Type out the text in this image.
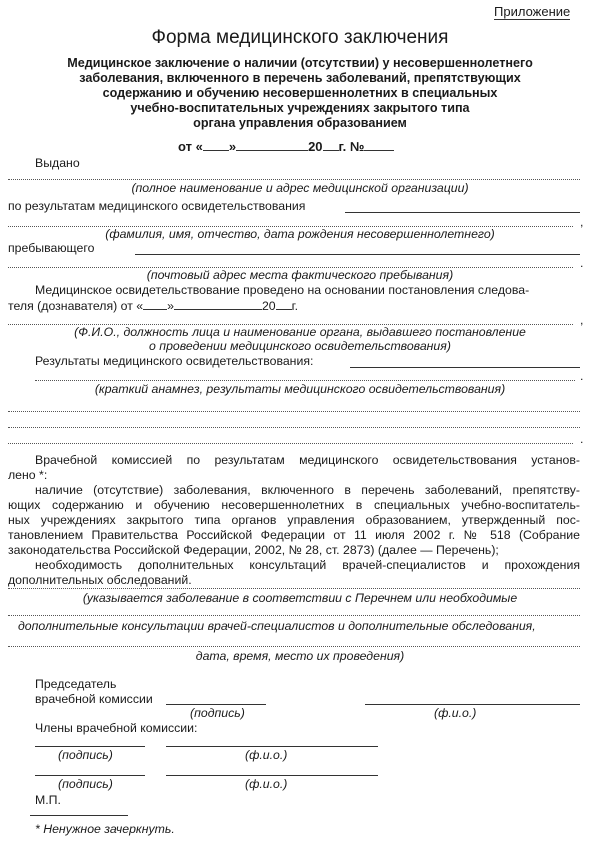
Приложение
Форма медицинского заключения
Медицинское заключение о наличии (отсутствии) у несовершеннолетнего
заболевания, включенного в перечень заболеваний, препятствующих
содержанию и обучению несовершеннолетних в специальных
учебно-воспитательных учреждениях закрытого типа
органа управления образованием
от « »	20 г. №
Выдано
(полное наименование и адрес медицинской организации)
по результатам медицинского освидетельствования
,
(фамилия, имя, отчество, дата рождения несовершеннолетнего)
пребывающего
.
(почтовый адрес места фактического пребывания)
Медицинское освидетельствование проведено на основании постановления следова-
теля (дознавателя) от « »	20 г.
,
(Ф.И.О., должность лица и наименование органа, выдавшего постановление
о проведении медицинского освидетельствования)
Результаты медицинского освидетельствования:
.
(краткий анамнез, результаты медицинского освидетельствования)
.
Врачебной комиссией по результатам медицинского освидетельствования установ-
лено *:
наличие (отсутствие) заболевания, включенного в перечень заболеваний, препятству-
ющих содержанию и обучению несовершеннолетних в специальных учебно-воспитатель-
ных учреждениях закрытого типа органов управления образованием, утвержденный пос-
тановлением Правительства Российской Федерации от 11 июля 2002 г. № 518 (Собрание
законодательства Российской Федерации, 2002, № 28, ст. 2873) (далее — Перечень);
необходимость дополнительных консультаций врачей-специалистов и прохождения
дополнительных обследований.
(указывается заболевание в соответствии с Перечнем или необходимые
дополнительные консультации врачей-специалистов и дополнительные обследования,
дата, время, место их проведения)
Председатель
врачебной комиссии
(подпись)	(ф.и.о.)
Члены врачебной комиссии:
(подпись)	(ф.и.о.)
(подпись)	(ф.и.о.)
М.П.
* Ненужное зачеркнуть.
